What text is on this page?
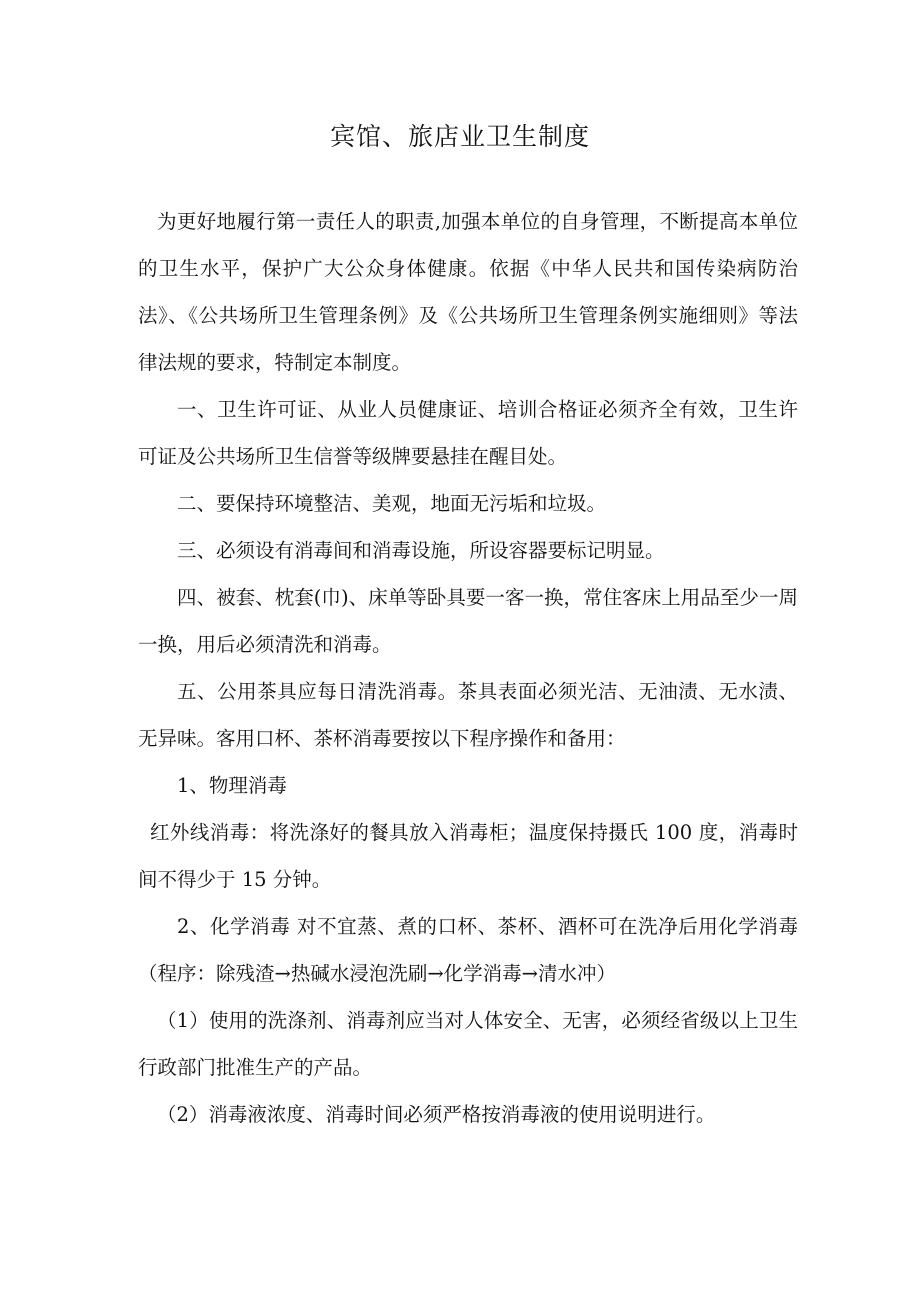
宾馆、旅店业卫生制度

为更好地履行第一责任人的职责,加强本单位的自身管理，不断提高本单位的卫生水平，保护广大公众身体健康。依据《中华人民共和国传染病防治法》、《公共场所卫生管理条例》及《公共场所卫生管理条例实施细则》等法律法规的要求，特制定本制度。

一、卫生许可证、从业人员健康证、培训合格证必须齐全有效，卫生许可证及公共场所卫生信誉等级牌要悬挂在醒目处。

二、要保持环境整洁、美观，地面无污垢和垃圾。

三、必须设有消毒间和消毒设施，所设容器要标记明显。

四、被套、枕套(巾)、床单等卧具要一客一换，常住客床上用品至少一周一换，用后必须清洗和消毒。

五、公用茶具应每日清洗消毒。茶具表面必须光洁、无油渍、无水渍、无异味。客用口杯、茶杯消毒要按以下程序操作和备用：

1、物理消毒

红外线消毒：将洗涤好的餐具放入消毒柜；温度保持摄氏 100 度，消毒时间不得少于 15 分钟。

2、化学消毒 对不宜蒸、煮的口杯、茶杯、酒杯可在洗净后用化学消毒（程序：除残渣→热碱水浸泡洗刷→化学消毒→清水冲）

（1）使用的洗涤剂、消毒剂应当对人体安全、无害，必须经省级以上卫生行政部门批准生产的产品。

（2）消毒液浓度、消毒时间必须严格按消毒液的使用说明进行。
